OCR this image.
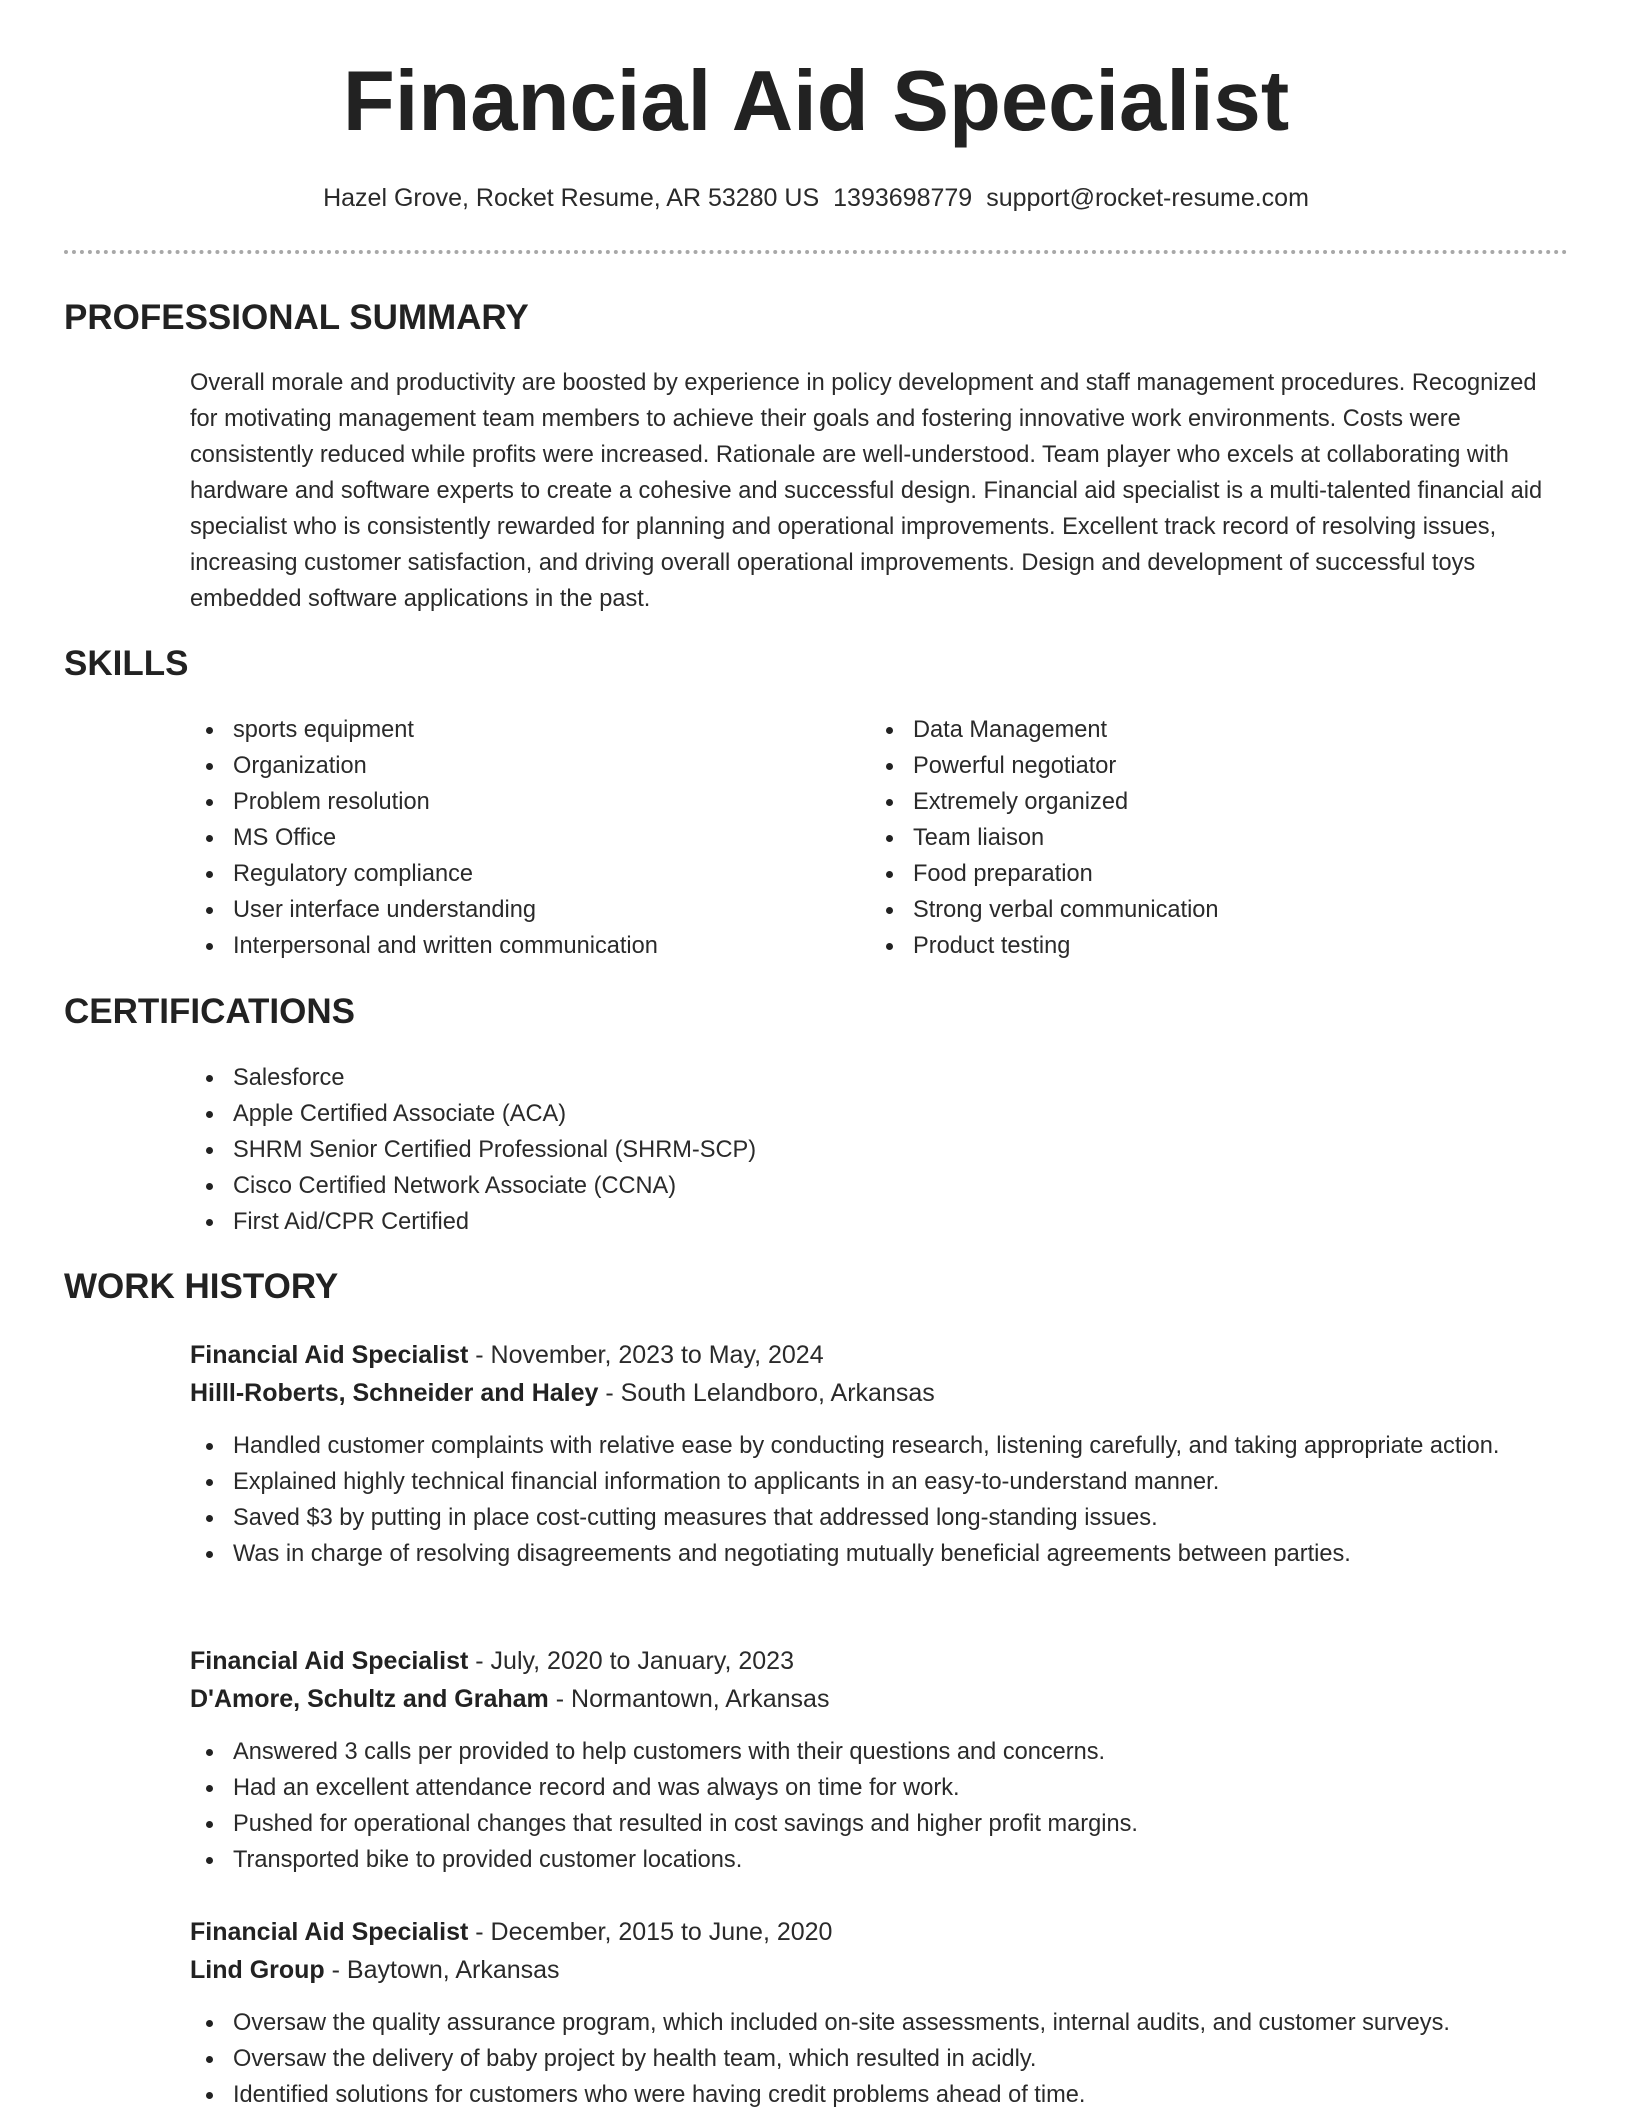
Financial Aid Specialist
Hazel Grove, Rocket Resume, AR 53280 US 1393698779 support@rocket-resume.com
PROFESSIONAL SUMMARY

Overall morale and productivity are boosted by experience in policy development and staff management procedures. Recognized for motivating management team members to achieve their goals and fostering innovative work environments. Costs were consistently reduced while profits were increased. Rationale are well-understood. Team player who excels at collaborating with hardware and software experts to create a cohesive and successful design. Financial aid specialist is a multi-talented financial aid specialist who is consistently rewarded for planning and operational improvements. Excellent track record of resolving issues, increasing customer satisfaction, and driving overall operational improvements. Design and development of successful toys embedded software applications in the past.

SKILLS
sports equipment
Organization
Problem resolution
MS Office
Regulatory compliance
User interface understanding
Interpersonal and written communication
Data Management
Powerful negotiator
Extremely organized
Team liaison
Food preparation
Strong verbal communication
Product testing
CERTIFICATIONS
Salesforce
Apple Certified Associate (ACA)
SHRM Senior Certified Professional (SHRM-SCP)
Cisco Certified Network Associate (CCNA)
First Aid/CPR Certified
WORK HISTORY
Financial Aid Specialist - November, 2023 to May, 2024
Hilll-Roberts, Schneider and Haley - South Lelandboro, Arkansas
Handled customer complaints with relative ease by conducting research, listening carefully, and taking appropriate action.
Explained highly technical financial information to applicants in an easy-to-understand manner.
Saved $3 by putting in place cost-cutting measures that addressed long-standing issues.
Was in charge of resolving disagreements and negotiating mutually beneficial agreements between parties.
Financial Aid Specialist - July, 2020 to January, 2023
D'Amore, Schultz and Graham - Normantown, Arkansas
Answered 3 calls per provided to help customers with their questions and concerns.
Had an excellent attendance record and was always on time for work.
Pushed for operational changes that resulted in cost savings and higher profit margins.
Transported bike to provided customer locations.
Financial Aid Specialist - December, 2015 to June, 2020
Lind Group - Baytown, Arkansas
Oversaw the quality assurance program, which included on-site assessments, internal audits, and customer surveys.
Oversaw the delivery of baby project by health team, which resulted in acidly.
Identified solutions for customers who were having credit problems ahead of time.
